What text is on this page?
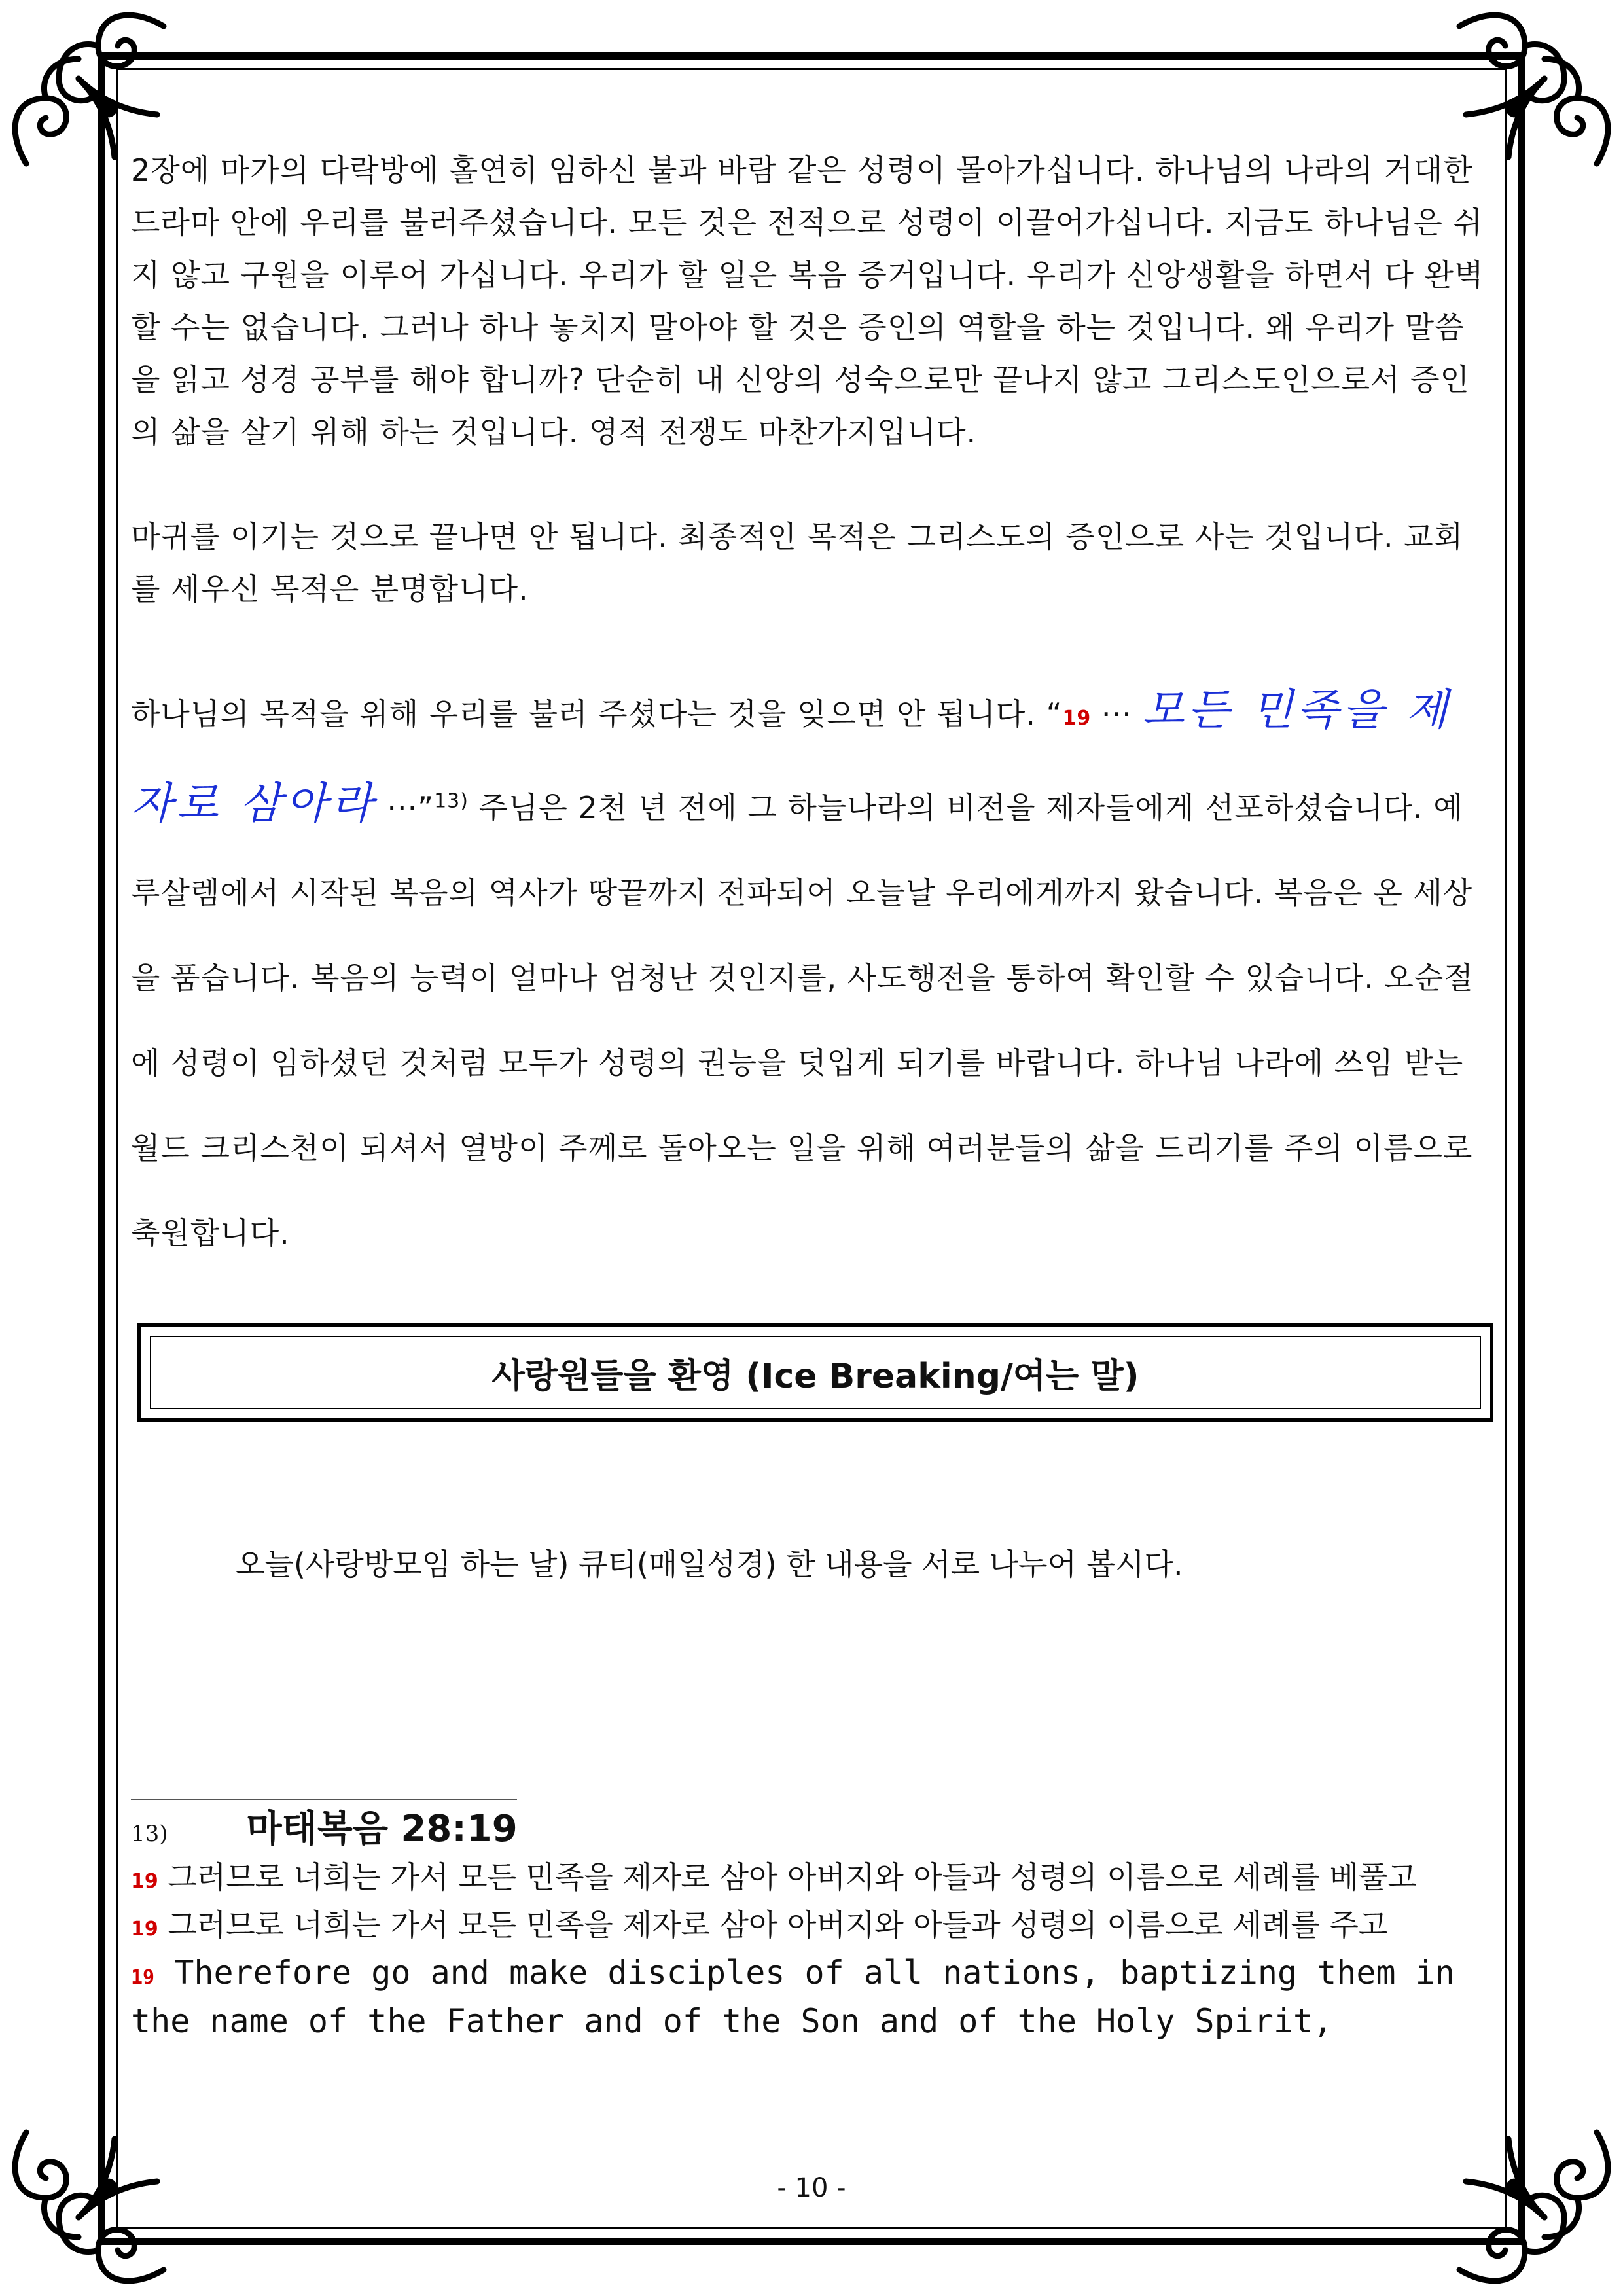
2장에 마가의 다락방에 홀연히 임하신 불과 바람 같은 성령이 몰아가십니다. 하나님의 나라의 거대한 드라마 안에 우리를 불러주셨습니다. 모든 것은 전적으로 성령이 이끌어가십니다. 지금도 하나님은 쉬지 않고 구원을 이루어 가십니다. 우리가 할 일은 복음 증거입니다. 우리가 신앙생활을 하면서 다 완벽할 수는 없습니다. 그러나 하나 놓치지 말아야 할 것은 증인의 역할을 하는 것입니다. 왜 우리가 말씀을 읽고 성경 공부를 해야 합니까? 단순히 내 신앙의 성숙으로만 끝나지 않고 그리스도인으로서 증인의 삶을 살기 위해 하는 것입니다. 영적 전쟁도 마찬가지입니다.

마귀를 이기는 것으로 끝나면 안 됩니다. 최종적인 목적은 그리스도의 증인으로 사는 것입니다. 교회를 세우신 목적은 분명합니다.

하나님의 목적을 위해 우리를 불러 주셨다는 것을 잊으면 안 됩니다. “19 ··· 모든 민족을 제자로 삼아라 ···”$^{13)}$ 주님은 2천 년 전에 그 하늘나라의 비전을 제자들에게 선포하셨습니다. 예루살렘에서 시작된 복음의 역사가 땅끝까지 전파되어 오늘날 우리에게까지 왔습니다. 복음은 온 세상을 품습니다. 복음의 능력이 얼마나 엄청난 것인지를, 사도행전을 통하여 확인할 수 있습니다. 오순절에 성령이 임하셨던 것처럼 모두가 성령의 권능을 덧입게 되기를 바랍니다. 하나님 나라에 쓰임 받는 월드 크리스천이 되셔서 열방이 주께로 돌아오는 일을 위해 여러분들의 삶을 드리기를 주의 이름으로 축원합니다.

사랑원들을 환영 (Ice Breaking/여는 말)
오늘(사랑방모임 하는 날) 큐티(매일성경) 한 내용을 서로 나누어 봅시다.
13) 마태복음 28:19
19 그러므로 너희는 가서 모든 민족을 제자로 삼아 아버지와 아들과 성령의 이름으로 세례를 베풀고
19 그러므로 너희는 가서 모든 민족을 제자로 삼아 아버지와 아들과 성령의 이름으로 세례를 주고
19 Therefore go and make disciples of all nations, baptizing them in the name of the Father and of the Son and of the Holy Spirit,
- 10 -
